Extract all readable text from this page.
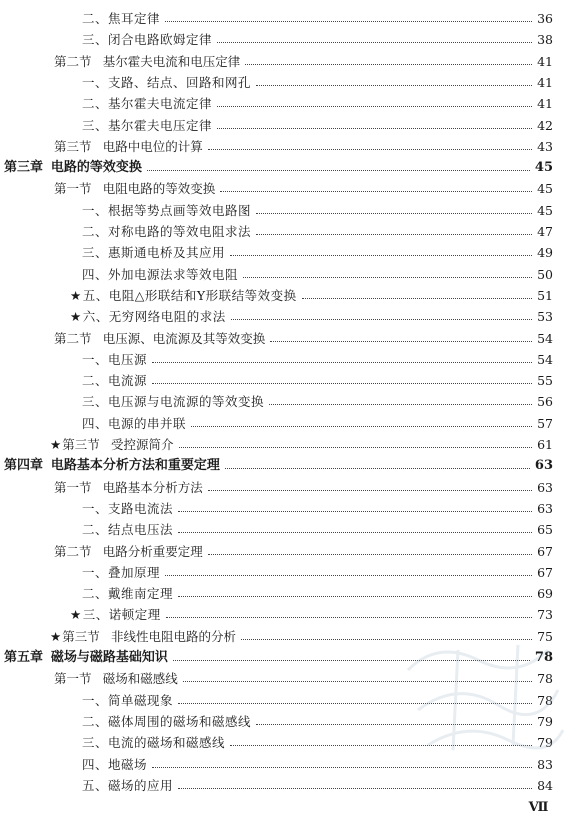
二、焦耳定律	36
三、闭合电路欧姆定律	38
第二节 基尔霍夫电流和电压定律	41
一、支路、结点、回路和网孔	41
二、基尔霍夫电流定律	41
三、基尔霍夫电压定律	42
第三节 电路中电位的计算	43
第三章 电路的等效变换	45
第一节 电阻电路的等效变换	45
一、根据等势点画等效电路图	45
二、对称电路的等效电阻求法	47
三、惠斯通电桥及其应用	49
四、外加电源法求等效电阻	50
★五、电阻△形联结和Y形联结等效变换	51
★六、无穷网络电阻的求法	53
第二节 电压源、电流源及其等效变换	54
一、电压源	54
二、电流源	55
三、电压源与电流源的等效变换	56
四、电源的串并联	57
★第三节 受控源简介	61
第四章 电路基本分析方法和重要定理	63
第一节 电路基本分析方法	63
一、支路电流法	63
二、结点电压法	65
第二节 电路分析重要定理	67
一、叠加原理	67
二、戴维南定理	69
★三、诺顿定理	73
★第三节 非线性电阻电路的分析	75
第五章 磁场与磁路基础知识	78
第一节 磁场和磁感线	78
一、简单磁现象	78
二、磁体周围的磁场和磁感线	79
三、电流的磁场和磁感线	79
四、地磁场	83
五、磁场的应用	84
Ⅶ
